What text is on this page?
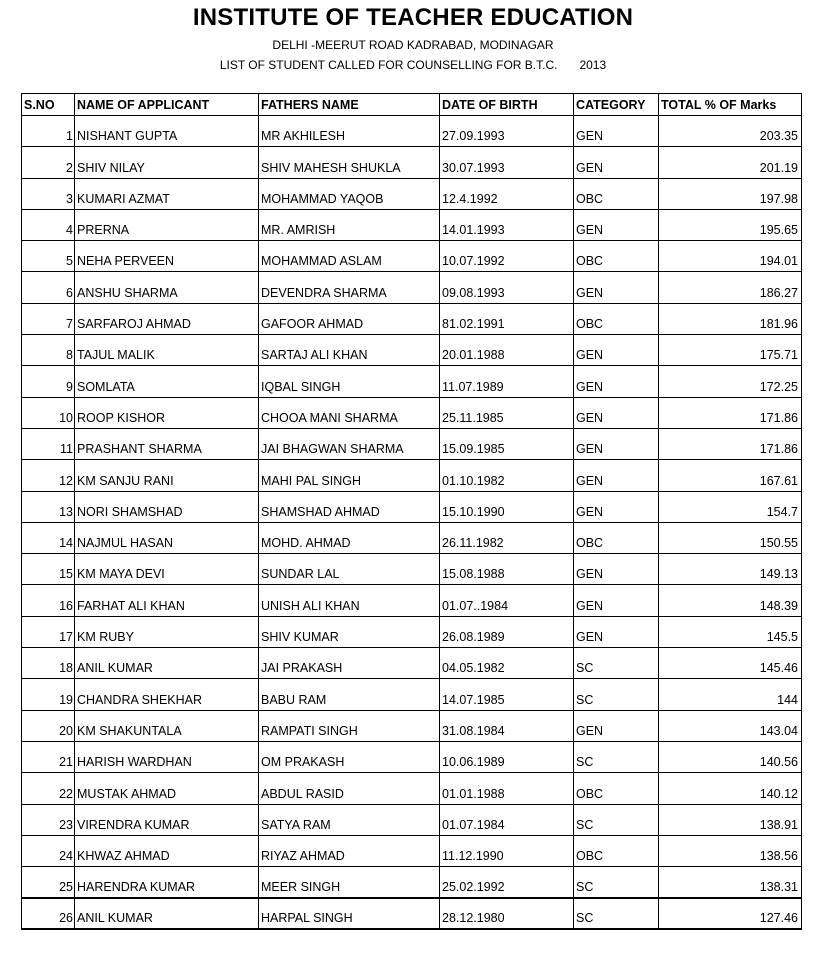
INSTITUTE OF TEACHER EDUCATION
DELHI -MEERUT ROAD KADRABAD, MODINAGAR
LIST OF STUDENT CALLED FOR COUNSELLING FOR B.T.C. 2013
S.NO	NAME OF APPLICANT	FATHERS NAME	DATE OF BIRTH	CATEGORY	TOTAL % OF Marks
1	NISHANT GUPTA	MR AKHILESH	27.09.1993	GEN	203.35
2	SHIV NILAY	SHIV MAHESH SHUKLA	30.07.1993	GEN	201.19
3	KUMARI AZMAT	MOHAMMAD YAQOB	12.4.1992	OBC	197.98
4	PRERNA	MR. AMRISH	14.01.1993	GEN	195.65
5	NEHA PERVEEN	MOHAMMAD ASLAM	10.07.1992	OBC	194.01
6	ANSHU SHARMA	DEVENDRA SHARMA	09.08.1993	GEN	186.27
7	SARFAROJ AHMAD	GAFOOR AHMAD	81.02.1991	OBC	181.96
8	TAJUL MALIK	SARTAJ ALI KHAN	20.01.1988	GEN	175.71
9	SOMLATA	IQBAL SINGH	11.07.1989	GEN	172.25
10	ROOP KISHOR	CHOOA MANI SHARMA	25.11.1985	GEN	171.86
11	PRASHANT SHARMA	JAI BHAGWAN SHARMA	15.09.1985	GEN	171.86
12	KM SANJU RANI	MAHI PAL SINGH	01.10.1982	GEN	167.61
13	NORI SHAMSHAD	SHAMSHAD AHMAD	15.10.1990	GEN	154.7
14	NAJMUL HASAN	MOHD. AHMAD	26.11.1982	OBC	150.55
15	KM MAYA DEVI	SUNDAR LAL	15.08.1988	GEN	149.13
16	FARHAT ALI KHAN	UNISH ALI KHAN	01.07..1984	GEN	148.39
17	KM RUBY	SHIV KUMAR	26.08.1989	GEN	145.5
18	ANIL KUMAR	JAI PRAKASH	04.05.1982	SC	145.46
19	CHANDRA SHEKHAR	BABU RAM	14.07.1985	SC	144
20	KM SHAKUNTALA	RAMPATI SINGH	31.08.1984	GEN	143.04
21	HARISH WARDHAN	OM PRAKASH	10.06.1989	SC	140.56
22	MUSTAK AHMAD	ABDUL RASID	01.01.1988	OBC	140.12
23	VIRENDRA KUMAR	SATYA RAM	01.07.1984	SC	138.91
24	KHWAZ AHMAD	RIYAZ AHMAD	11.12.1990	OBC	138.56
25	HARENDRA KUMAR	MEER SINGH	25.02.1992	SC	138.31
26	ANIL KUMAR	HARPAL SINGH	28.12.1980	SC	127.46
